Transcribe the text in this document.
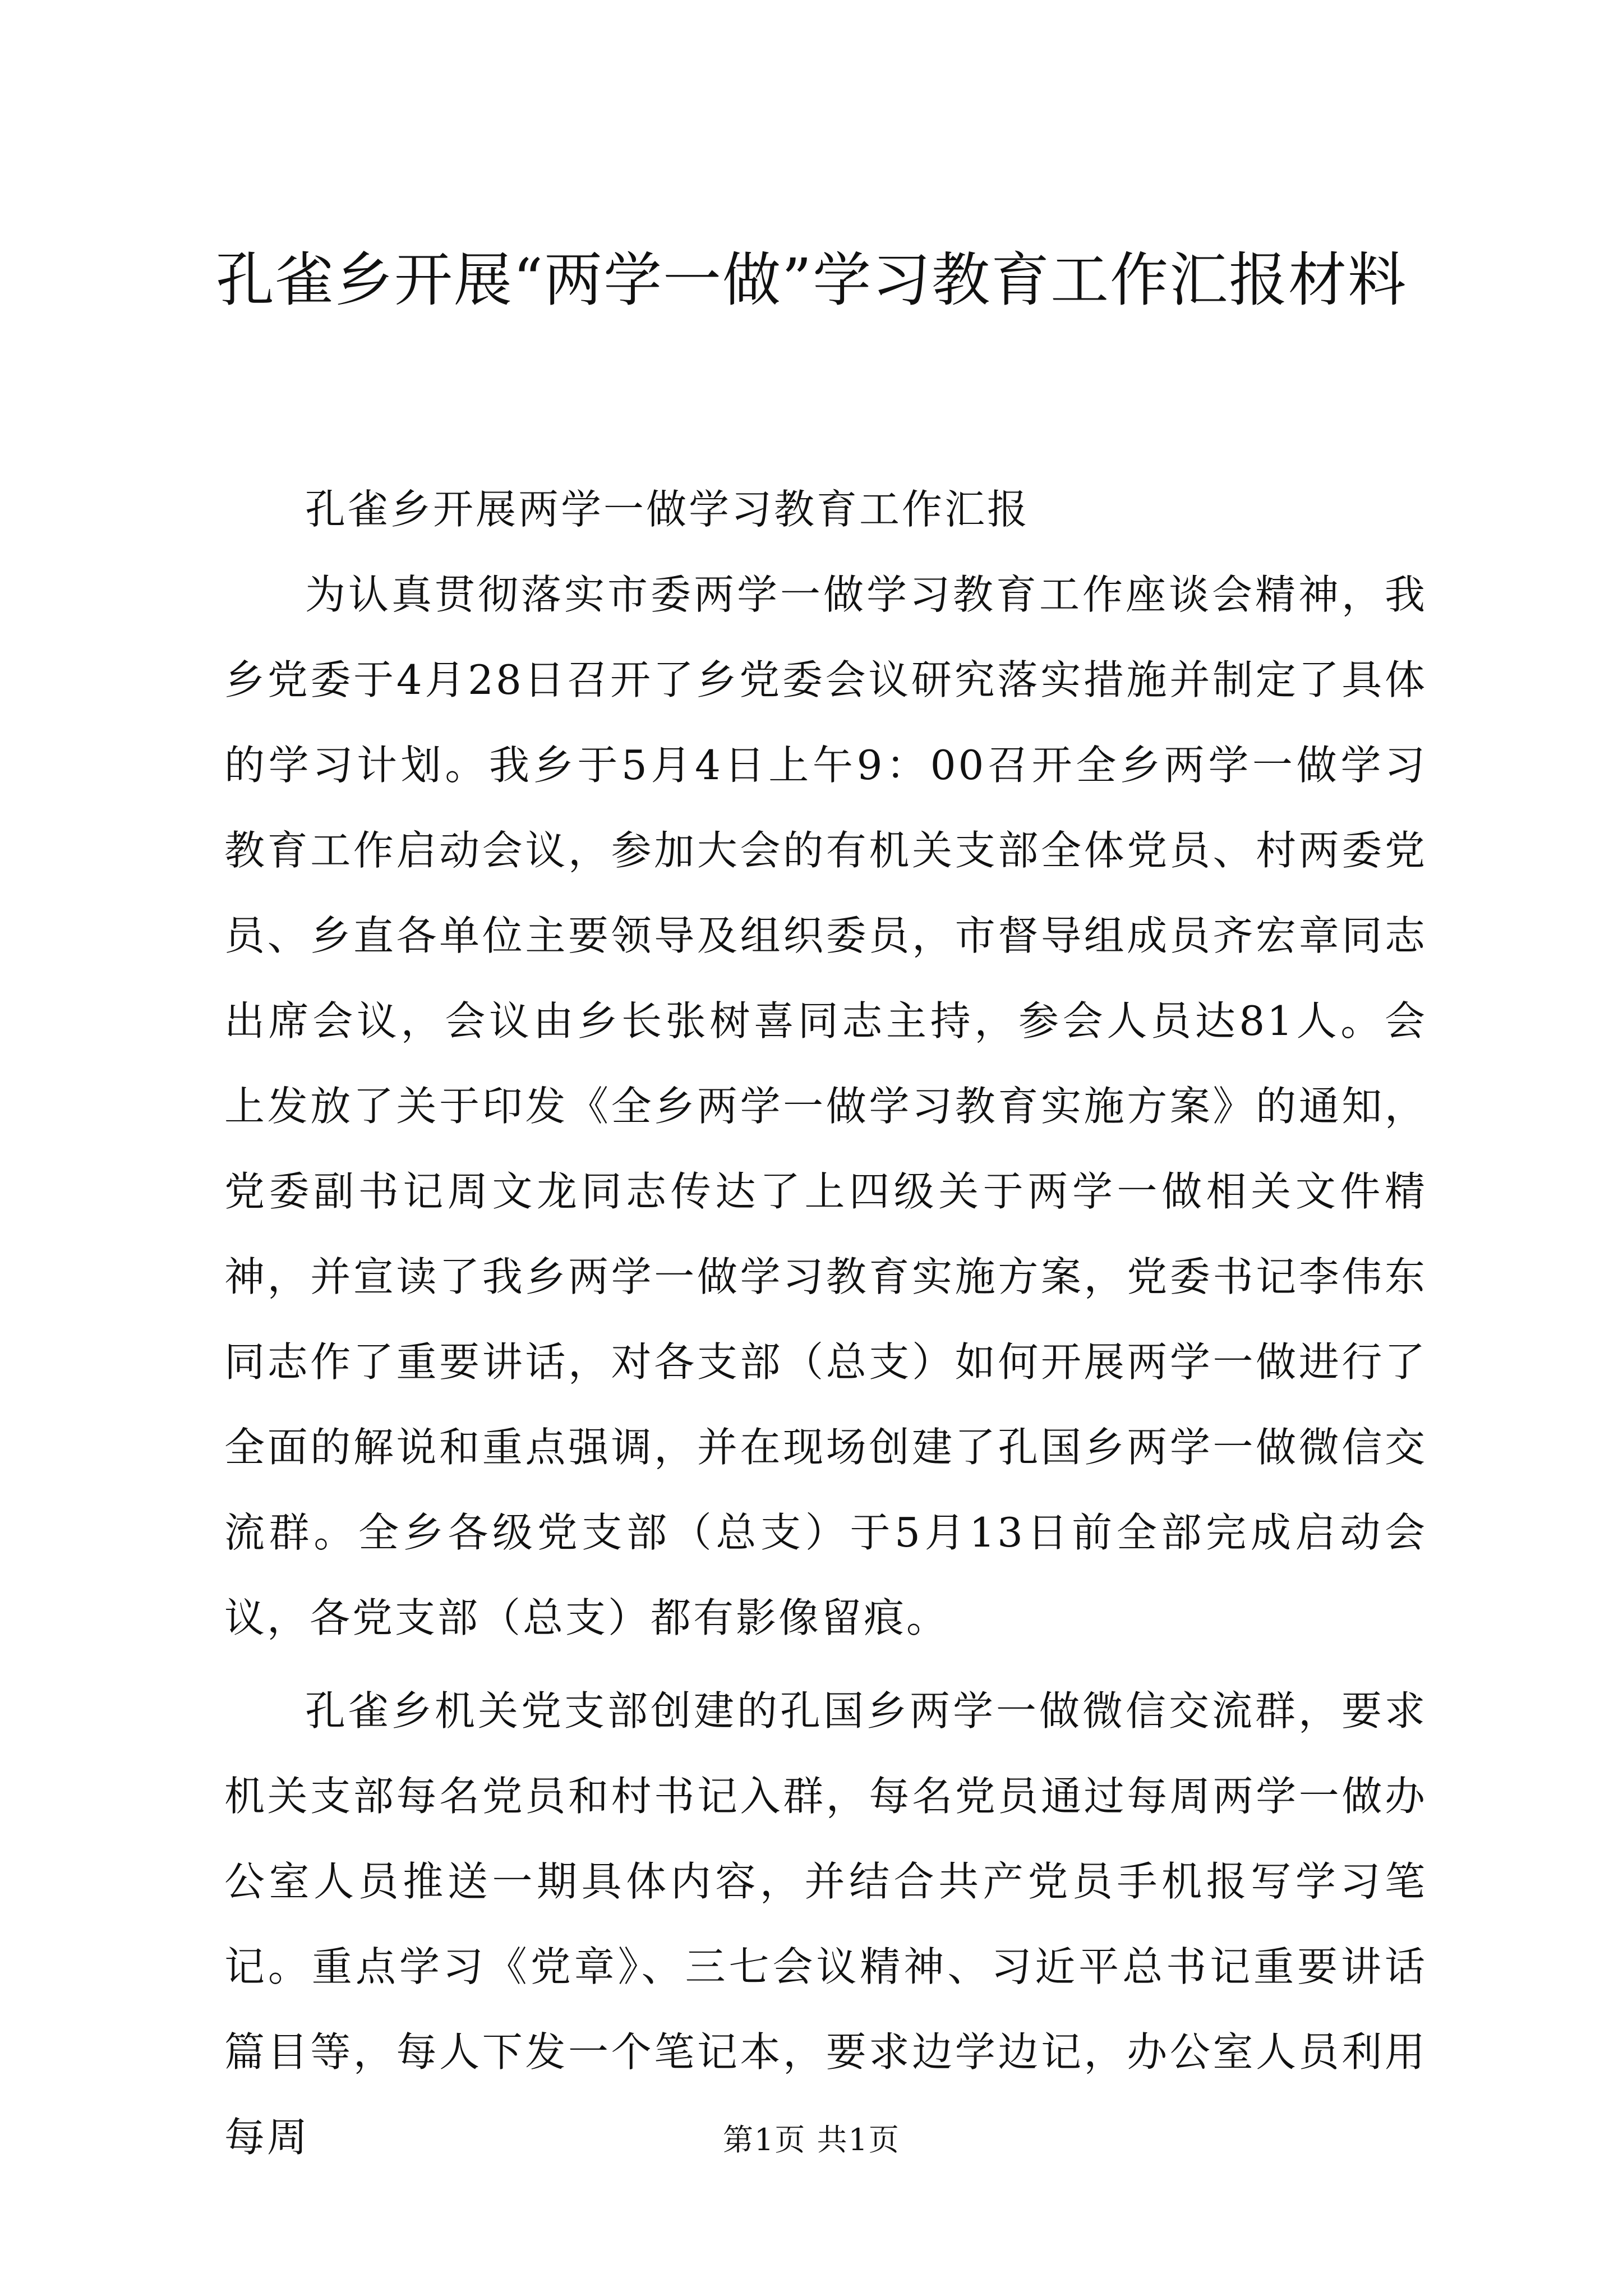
孔雀乡开展“两学一做”学习教育工作汇报材料

孔雀乡开展两学一做学习教育工作汇报

为认真贯彻落实市委两学一做学习教育工作座谈会精神，我乡党委于4月28日召开了乡党委会议研究落实措施并制定了具体的学习计划。我乡于5月4日上午9：00召开全乡两学一做学习教育工作启动会议，参加大会的有机关支部全体党员、村两委党员、乡直各单位主要领导及组织委员，市督导组成员齐宏章同志出席会议，会议由乡长张树喜同志主持，参会人员达81人。会上发放了关于印发《全乡两学一做学习教育实施方案》的通知，党委副书记周文龙同志传达了上四级关于两学一做相关文件精神，并宣读了我乡两学一做学习教育实施方案，党委书记李伟东同志作了重要讲话，对各支部（总支）如何开展两学一做进行了全面的解说和重点强调，并在现场创建了孔国乡两学一做微信交流群。全乡各级党支部（总支）于5月13日前全部完成启动会议，各党支部（总支）都有影像留痕。

孔雀乡机关党支部创建的孔国乡两学一做微信交流群，要求机关支部每名党员和村书记入群，每名党员通过每周两学一做办公室人员推送一期具体内容，并结合共产党员手机报写学习笔记。重点学习《党章》、三七会议精神、习近平总书记重要讲话篇目等，每人下发一个笔记本，要求边学边记，办公室人员利用每周	第1页 共1页
